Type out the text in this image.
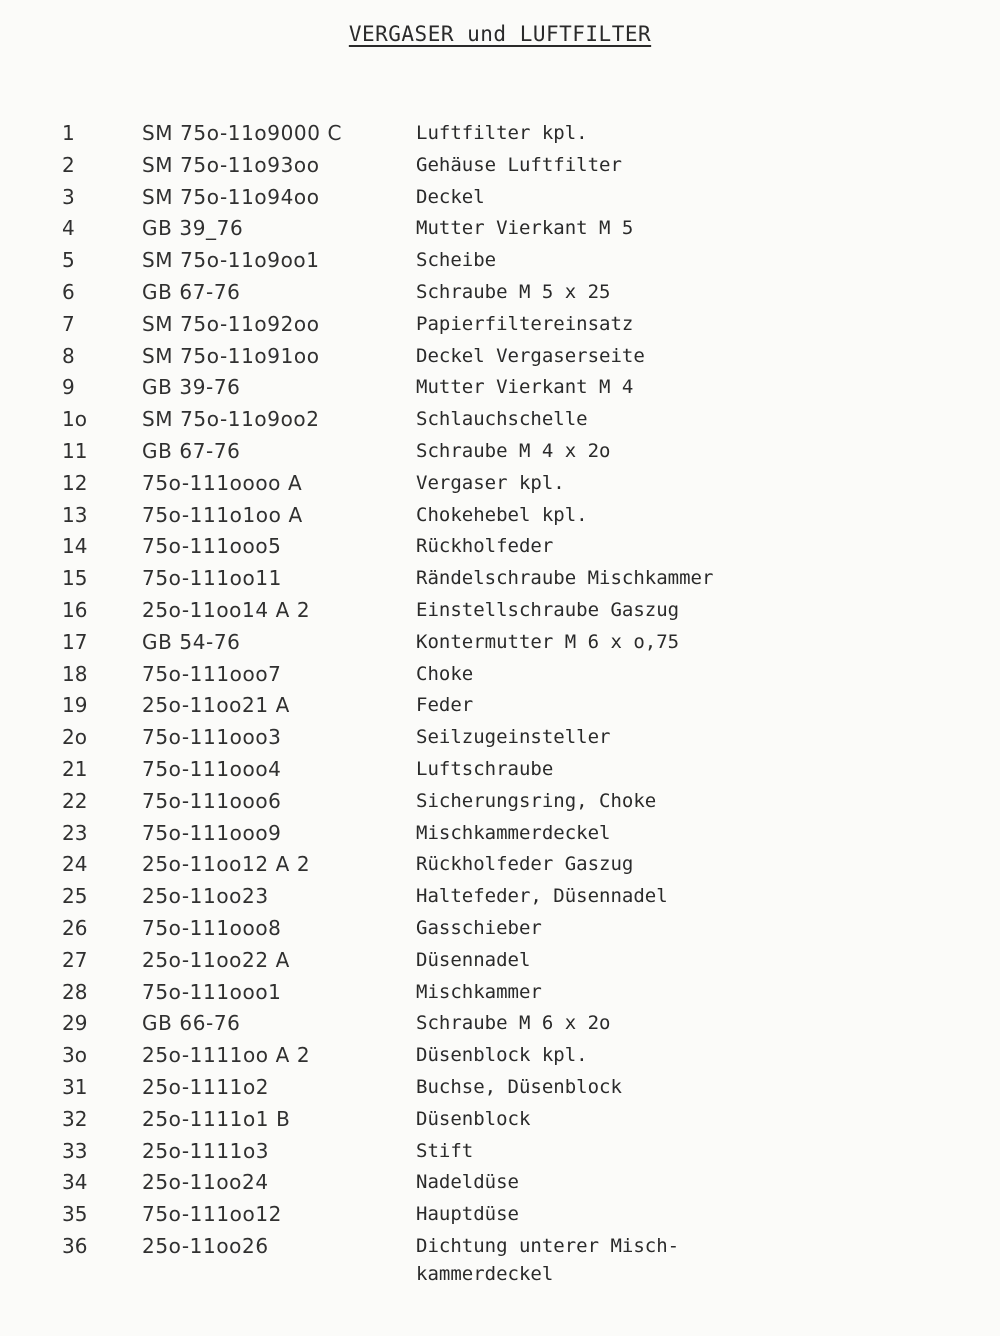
VERGASER und LUFTFILTER
1	SM 75o-11o9000 C	Luftfilter kpl.
2	SM 75o-11o93oo	Gehäuse Luftfilter
3	SM 75o-11o94oo	Deckel
4	GB 39_76	Mutter Vierkant M 5
5	SM 75o-11o9oo1	Scheibe
6	GB 67-76	Schraube M 5 x 25
7	SM 75o-11o92oo	Papierfiltereinsatz
8	SM 75o-11o91oo	Deckel Vergaserseite
9	GB 39-76	Mutter Vierkant M 4
1o	SM 75o-11o9oo2	Schlauchschelle
11	GB 67-76	Schraube M 4 x 2o
12	75o-111oooo A	Vergaser kpl.
13	75o-111o1oo A	Chokehebel kpl.
14	75o-111ooo5	Rückholfeder
15	75o-111oo11	Rändelschraube Mischkammer
16	25o-11oo14 A 2	Einstellschraube Gaszug
17	GB 54-76	Kontermutter M 6 x o,75
18	75o-111ooo7	Choke
19	25o-11oo21 A	Feder
2o	75o-111ooo3	Seilzugeinsteller
21	75o-111ooo4	Luftschraube
22	75o-111ooo6	Sicherungsring, Choke
23	75o-111ooo9	Mischkammerdeckel
24	25o-11oo12 A 2	Rückholfeder Gaszug
25	25o-11oo23	Haltefeder, Düsennadel
26	75o-111ooo8	Gasschieber
27	25o-11oo22 A	Düsennadel
28	75o-111ooo1	Mischkammer
29	GB 66-76	Schraube M 6 x 2o
3o	25o-1111oo A 2	Düsenblock kpl.
31	25o-1111o2	Buchse, Düsenblock
32	25o-1111o1 B	Düsenblock
33	25o-1111o3	Stift
34	25o-11oo24	Nadeldüse
35	75o-111oo12	Hauptdüse
36	25o-11oo26	Dichtung unterer Misch-
kammerdeckel
